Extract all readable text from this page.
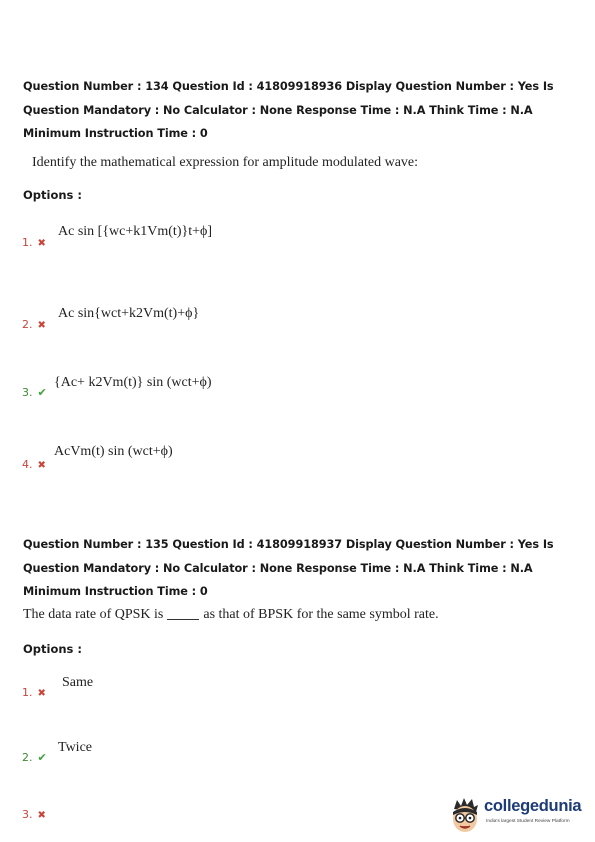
Question Number : 134 Question Id : 41809918936 Display Question Number : Yes Is Question Mandatory : No Calculator : None Response Time : N.A Think Time : N.A Minimum Instruction Time : 0
Identify the mathematical expression for amplitude modulated wave:
Options :
1. ✖
Ac sin [{wc+k1Vm(t)}t+ϕ]
2. ✖
Ac sin{wct+k2Vm(t)+ϕ}
3. ✔
{Ac+ k2Vm(t)} sin (wct+ϕ)
4. ✖
AcVm(t) sin (wct+ϕ)
Question Number : 135 Question Id : 41809918937 Display Question Number : Yes Is Question Mandatory : No Calculator : None Response Time : N.A Think Time : N.A Minimum Instruction Time : 0
The data rate of QPSK is	as that of BPSK for the same symbol rate.
Options :
1. ✖
Same
2. ✔
Twice
3. ✖
collegedunia
India's largest Student Review Platform
